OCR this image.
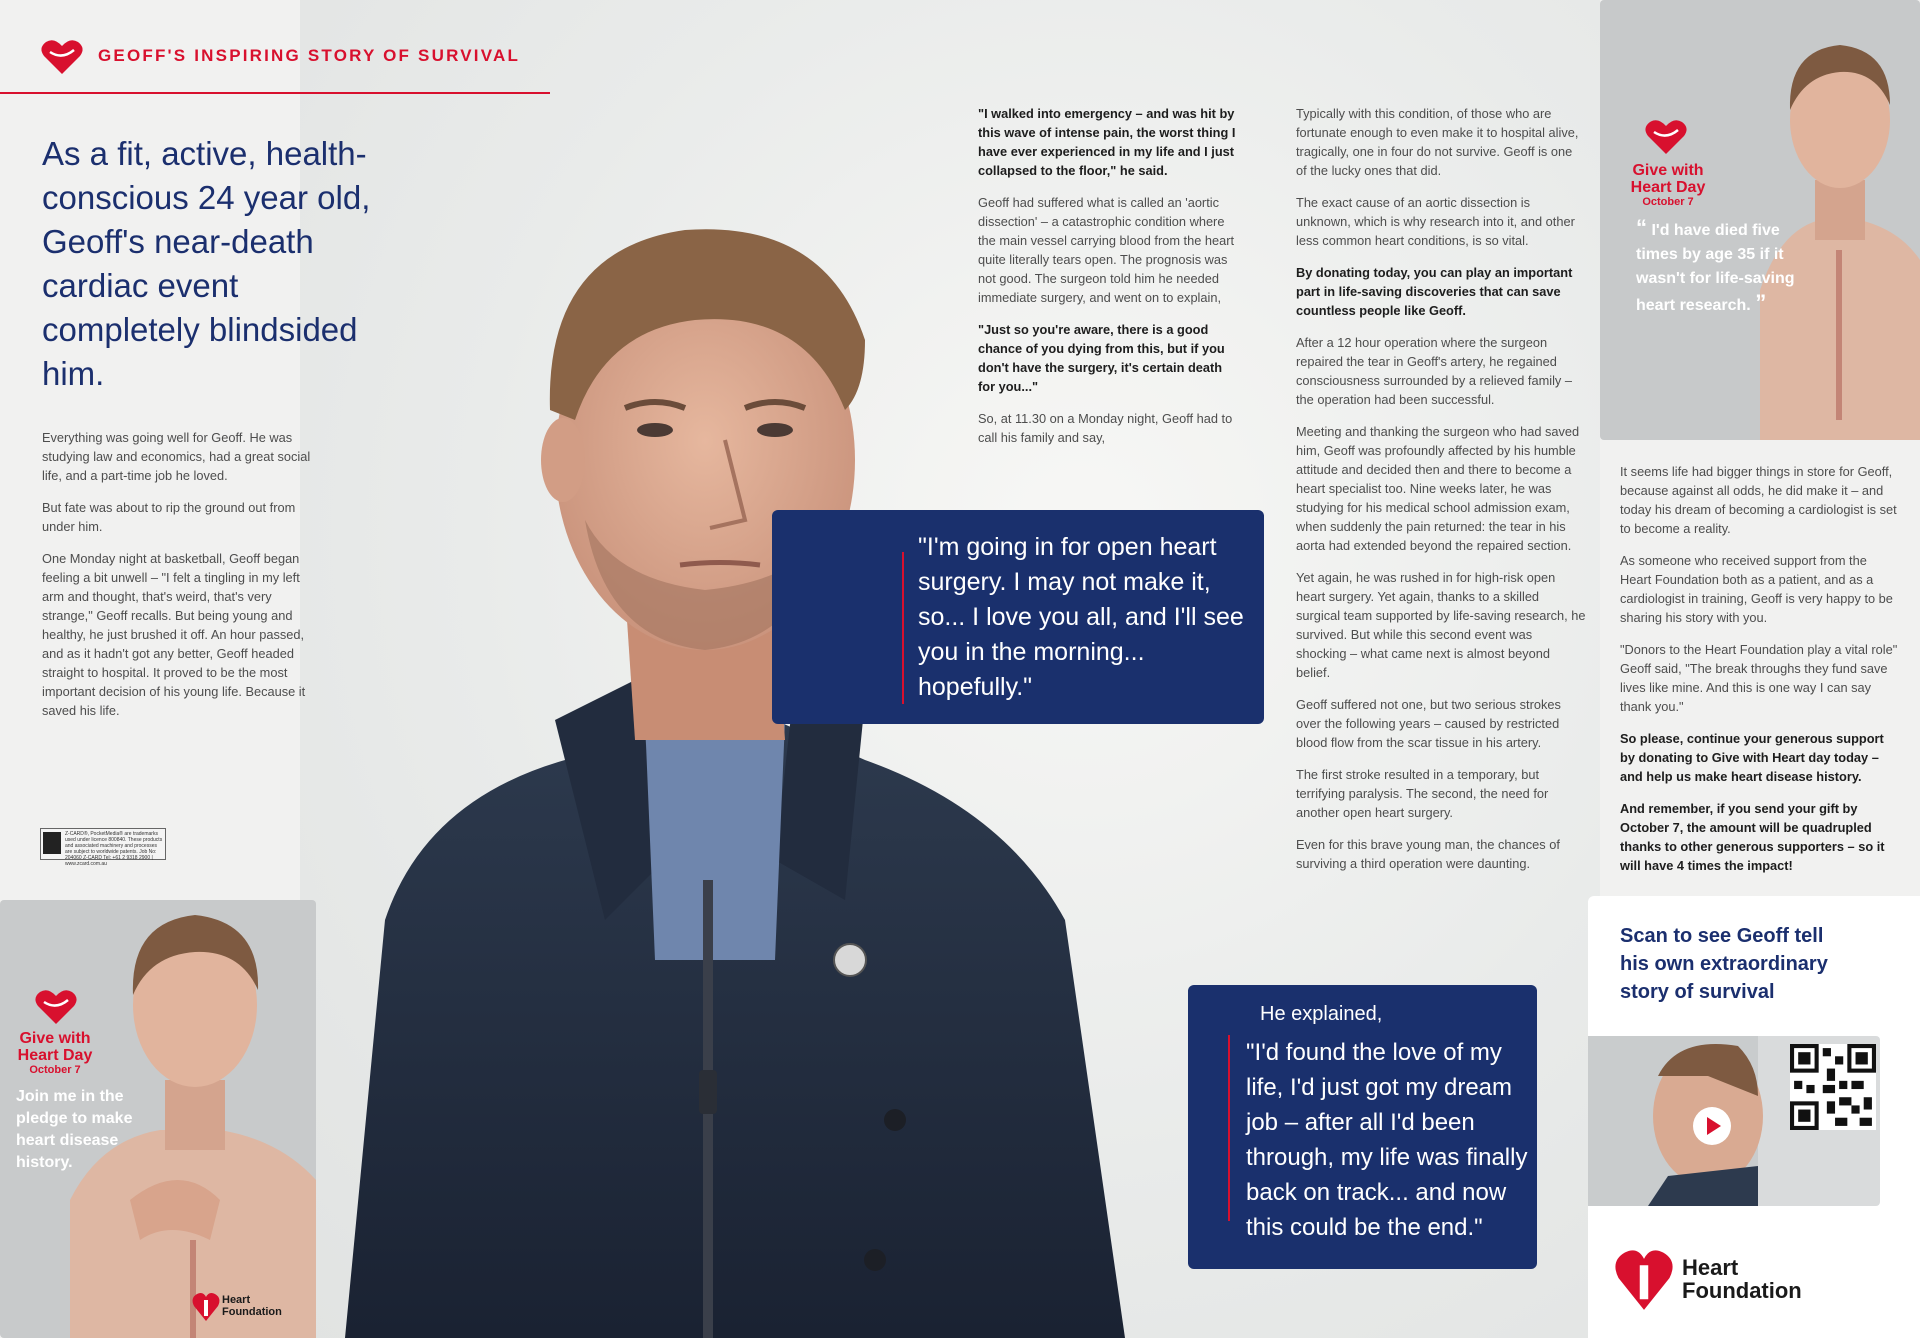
GEOFF'S INSPIRING STORY OF SURVIVAL
As a fit, active, health-conscious 24 year old, Geoff's near-death cardiac event completely blindsided him.

Everything was going well for Geoff. He was studying law and economics, had a great social life, and a part-time job he loved.

But fate was about to rip the ground out from under him.

One Monday night at basketball, Geoff began feeling a bit unwell – "I felt a tingling in my left arm and thought, that's weird, that's very strange," Geoff recalls. But being young and healthy, he just brushed it off. An hour passed, and as it hadn't got any better, Geoff headed straight to hospital. It proved to be the most important decision of his young life. Because it saved his life.

Z-CARD®, PocketMedia® are trademarks used under licence 800840. These products and associated machinery and processes are subject to worldwide patents. Job No: 204060 Z-CARD Tel: +61 2 9318 2900 | www.zcard.com.au

"I walked into emergency – and was hit by this wave of intense pain, the worst thing I have ever experienced in my life and I just collapsed to the floor," he said.

Geoff had suffered what is called an 'aortic dissection' – a catastrophic condition where the main vessel carrying blood from the heart quite literally tears open. The prognosis was not good. The surgeon told him he needed immediate surgery, and went on to explain,

"Just so you're aware, there is a good chance of you dying from this, but if you don't have the surgery, it's certain death for you..."

So, at 11.30 on a Monday night, Geoff had to call his family and say,

Typically with this condition, of those who are fortunate enough to even make it to hospital alive, tragically, one in four do not survive. Geoff is one of the lucky ones that did.

The exact cause of an aortic dissection is unknown, which is why research into it, and other less common heart conditions, is so vital.

By donating today, you can play an important part in life-saving discoveries that can save countless people like Geoff.

After a 12 hour operation where the surgeon repaired the tear in Geoff's artery, he regained consciousness surrounded by a relieved family – the operation had been successful.

Meeting and thanking the surgeon who had saved him, Geoff was profoundly affected by his humble attitude and decided then and there to become a heart specialist too. Nine weeks later, he was studying for his medical school admission exam, when suddenly the pain returned: the tear in his aorta had extended beyond the repaired section.

Yet again, he was rushed in for high-risk open heart surgery. Yet again, thanks to a skilled surgical team supported by life-saving research, he survived. But while this second event was shocking – what came next is almost beyond belief.

Geoff suffered not one, but two serious strokes over the following years – caused by restricted blood flow from the scar tissue in his artery.

The first stroke resulted in a temporary, but terrifying paralysis. The second, the need for another open heart surgery.

Even for this brave young man, the chances of surviving a third operation were daunting.

It seems life had bigger things in store for Geoff, because against all odds, he did make it – and today his dream of becoming a cardiologist is set to become a reality.

As someone who received support from the Heart Foundation both as a patient, and as a cardiologist in training, Geoff is very happy to be sharing his story with you.

"Donors to the Heart Foundation play a vital role" Geoff said, "The break throughs they fund save lives like mine. And this is one way I can say thank you."

So please, continue your generous support by donating to Give with Heart day today – and help us make heart disease history.

And remember, if you send your gift by October 7, the amount will be quadrupled thanks to other generous supporters – so it will have 4 times the impact!

"I'm going in for open heart surgery. I may not make it, so... I love you all, and I'll see you in the morning... hopefully."
He explained,
"I'd found the love of my life, I'd just got my dream job – after all I'd been through, my life was finally back on track... and now this could be the end."
Give with
Heart Day
October 7
“ I'd have died five times by age 35 if it wasn't for life-saving heart research. ”
Give with
Heart Day
October 7
Join me in the pledge to make heart disease history.
Heart
Foundation
Scan to see Geoff tell his own extraordinary story of survival
Heart
Foundation
